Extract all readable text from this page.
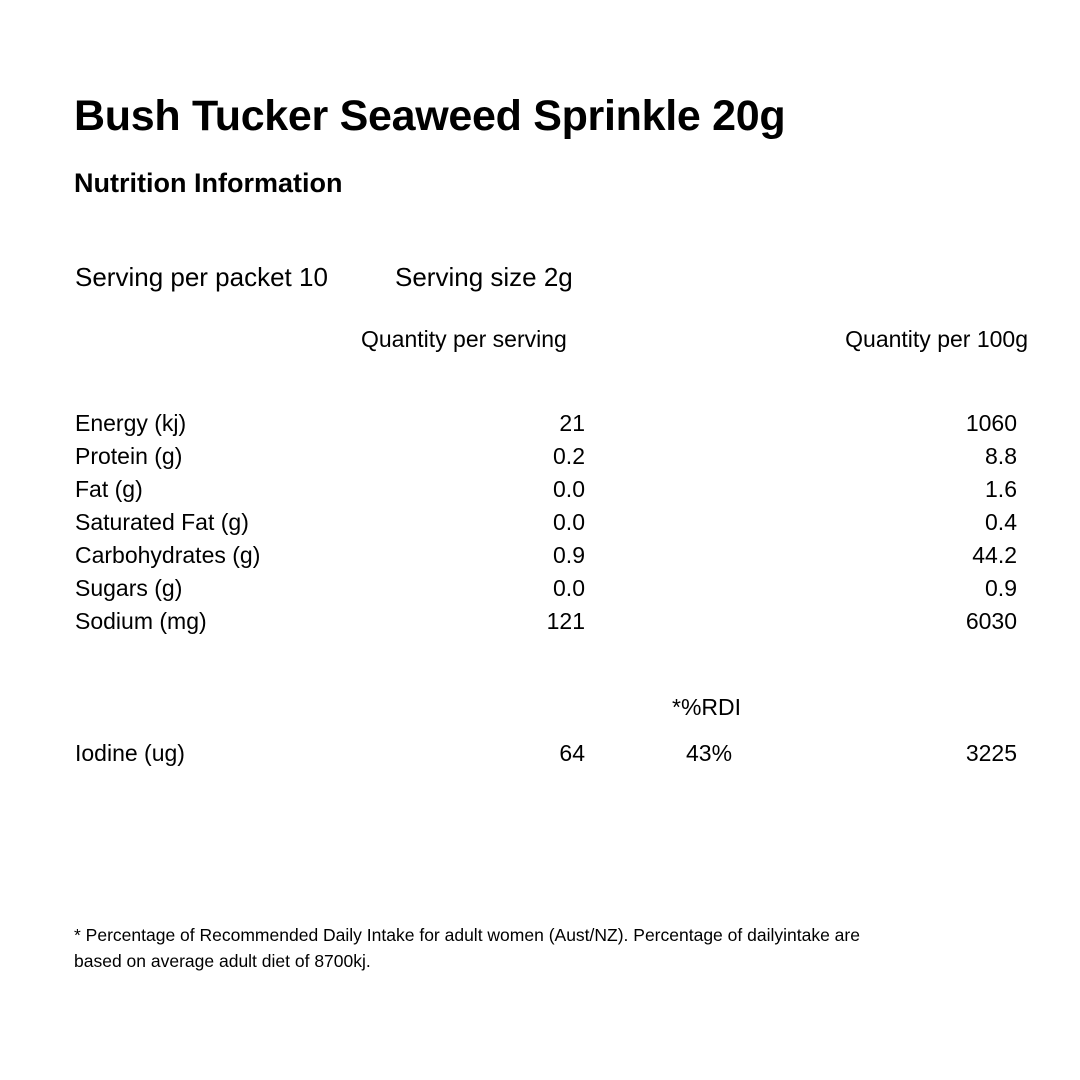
Bush Tucker Seaweed Sprinkle 20g
Nutrition Information
Serving per packet 10	Serving size 2g
Quantity per serving	Quantity per 100g
Energy (kj)	21	1060
Protein (g)	0.2	8.8
Fat (g)	0.0	1.6
Saturated Fat (g)	0.0	0.4
Carbohydrates (g)	0.9	44.2
Sugars (g)	0.0	0.9
Sodium (mg)	121	6030
*%RDI
Iodine (ug)	64	43%	3225
* Percentage of Recommended Daily Intake for adult women (Aust/NZ). Percentage of dailyintake are based on average adult diet of 8700kj.
